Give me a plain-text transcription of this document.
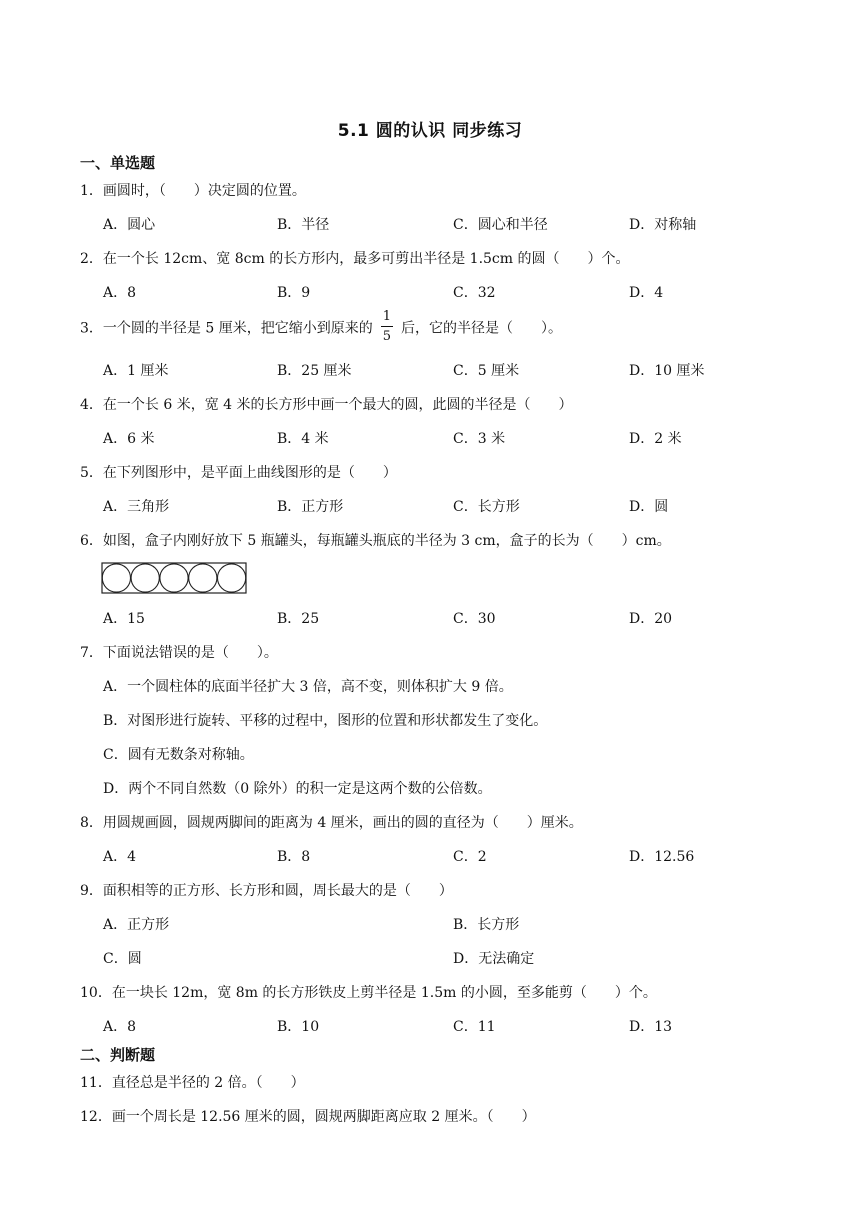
5.1 圆的认识 同步练习
一、单选题
1．画圆时，（　　）决定圆的位置。
A．圆心	B．半径	C．圆心和半径	D．对称轴
2．在一个长 12cm、宽 8cm 的长方形内，最多可剪出半径是 1.5cm 的圆（　　）个。
A．8	B．9	C．32	D．4
3．一个圆的半径是 5 厘米，把它缩小到原来的 $\frac{1}{5}$ 后，它的半径是（　　）。
A．1 厘米	B．25 厘米	C．5 厘米	D．10 厘米
4．在一个长 6 米，宽 4 米的长方形中画一个最大的圆，此圆的半径是（　　）
A．6 米	B．4 米	C．3 米	D．2 米
5．在下列图形中，是平面上曲线图形的是（　　）
A．三角形	B．正方形	C．长方形	D．圆
6．如图，盒子内刚好放下 5 瓶罐头，每瓶罐头瓶底的半径为 3 cm，盒子的长为（　　）cm。
A．15	B．25	C．30	D．20
7．下面说法错误的是（　　）。
A．一个圆柱体的底面半径扩大 3 倍，高不变，则体积扩大 9 倍。
B．对图形进行旋转、平移的过程中，图形的位置和形状都发生了变化。
C．圆有无数条对称轴。
D．两个不同自然数（0 除外）的积一定是这两个数的公倍数。
8．用圆规画圆，圆规两脚间的距离为 4 厘米，画出的圆的直径为（　　）厘米。
A．4	B．8	C．2	D．12.56
9．面积相等的正方形、长方形和圆，周长最大的是（　　）
A．正方形	B．长方形
C．圆	D．无法确定
10．在一块长 12m，宽 8m 的长方形铁皮上剪半径是 1.5m 的小圆，至多能剪（　　）个。
A．8	B．10	C．11	D．13
二、判断题
11．直径总是半径的 2 倍。（　　）
12．画一个周长是 12.56 厘米的圆，圆规两脚距离应取 2 厘米。（　　）
